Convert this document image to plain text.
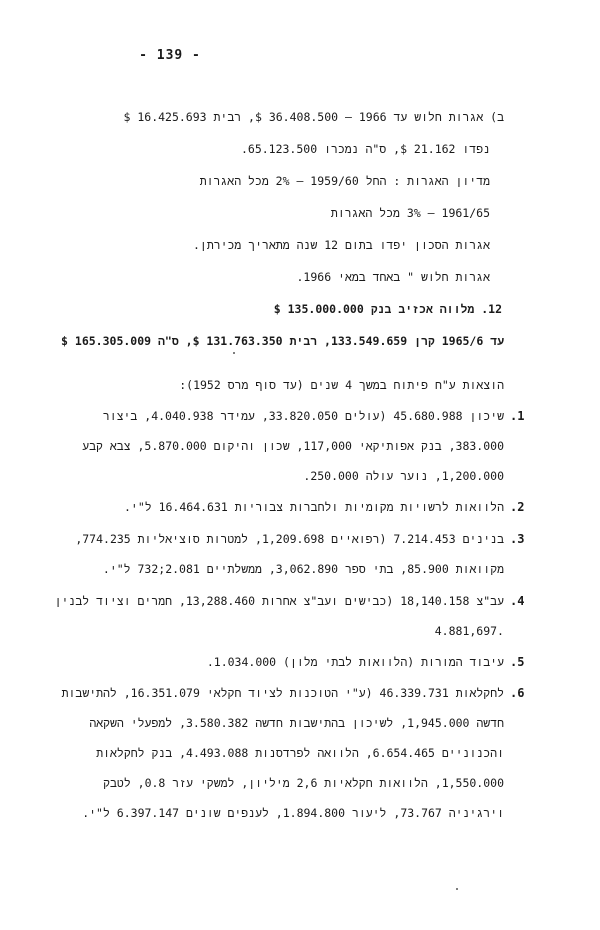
- 139 -
ב) אגרות חלוש עד 1966 – 36.408.500 $, רבית 16.425.693 $
נפדו 21.162 $, ס"ה נמכרו 65.123.500.
מדיון האגרות : החל 1959/60 – 2% מכל האגרות
1961/65 – 3% מכל האגרות
אגרות הסכון יפדו בתום 12 שנה מתאריך מכירתן.
אגרות חלוש " באחד במאי 1966.
12. מלווה אכזיב בנק 135.000.000 $
עד 1965/6 קרן 133.549.659, רבית 131.763.350 $, ס"ה 165.305.009 $
הוצאות ע"ח פיתוח במשך 4 שנים (עד סוף מרס 1952):
.1
שיכון 45.680.988 (עולים 33.820.050, עמידר 4.040.938, ביצור
383.000, בנק אפותיקאי 117,000, שכון והיקום 5.870.000, צבא קבע
1,200.000, נוער עולה 250.000.
.2
הלוואות לרשויות מקומיות ולחברות צבוריות 16.464.631 ל"י.
.3
בנינים 7.214.453 (רפואיים 1,209.698, למטרות סוציאליות 774.235,
מקוואות 85.900, בתי ספר 3,062.890, ממשלתיים 2.081;732 ל"י.
.4
עב"צ 18,140.158 (כבישים ועב"צ אחרות 13,288.460, חמרים וציוד לבנין
4.881,697.
.5
עיבוד המורות (הלוואות לבתי מלון) 1.034.000.
.6
לחקלאות 46.339.731 (ע"י הטוכנות לציוד חקלאי 16.351.079, להתישבות
חדשה 1,945.000, לשיכון בהתישבות חדשה 3.580.382, למפעלי השקאה
והכנוניים 6.654.465, הלוואה לפרדסנות 4.493.088, בנק לחקלאות
1,550.000, הלוואות חקלאיות 2,6 מיליון, למשקי עזר 0.8, לטבק
וירגיניה 73.767, ליעור 1.894.800, לענפים שונים 6.397.147 ל"י.
